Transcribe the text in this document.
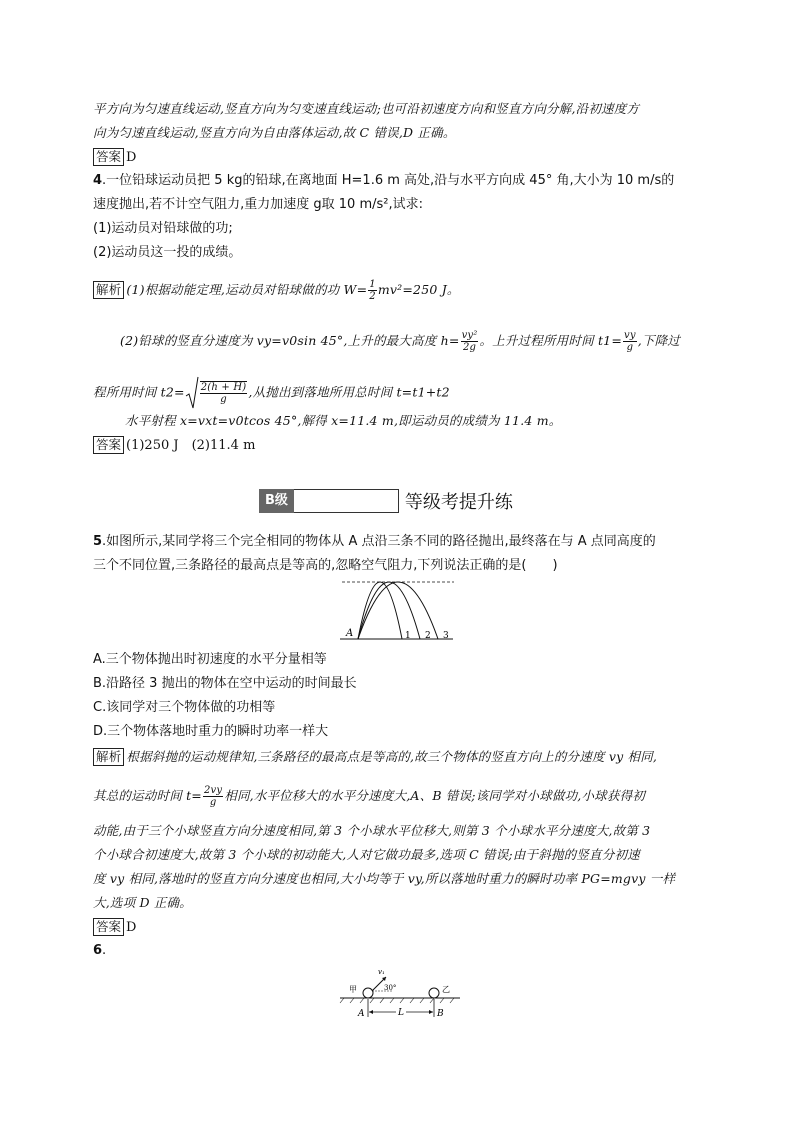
平方向为匀速直线运动,竖直方向为匀变速直线运动;也可沿初速度方向和竖直方向分解,沿初速度方
向为匀速直线运动,竖直方向为自由落体运动,故 C 错误,D 正确。
答案 D
4.一位铅球运动员把 5 kg的铅球,在离地面 H=1.6 m 高处,沿与水平方向成 45° 角,大小为 10 m/s的
速度抛出,若不计空气阻力,重力加速度 g取 10 m/s²,试求:
(1)运动员对铅球做的功;
(2)运动员这一投的成绩。
解析 (1)根据动能定理,运动员对铅球做的功 $W= \frac{1}{2} mv^2=250$ J。
(2)铅球的竖直分速度为 vy=v0sin 45°,上升的最大高度 $h= \frac{\text{vy²}}{2g}$ 。上升过程所用时间 $t1= \frac{vy}{g}$ ,下降过
程所用时间 $t2= \frac{2(h + H)}{g}$ ,从抛出到落地所用总时间 t=t1+t2
水平射程 x=vxt=v0tcos 45°,解得 x=11.4 m,即运动员的成绩为 11.4 m。
答案 (1)250 J　(2)11.4 m
B级	等级考提升练
5.如图所示,某同学将三个完全相同的物体从 A 点沿三条不同的路径抛出,最终落在与 A 点同高度的
三个不同位置,三条路径的最高点是等高的,忽略空气阻力,下列说法正确的是(　　)
A	1 2 3
A.三个物体抛出时初速度的水平分量相等
B.沿路径 3 抛出的物体在空中运动的时间最长
C.该同学对三个物体做的功相等
D.三个物体落地时重力的瞬时功率一样大
解析 根据斜抛的运动规律知,三条路径的最高点是等高的,故三个物体的竖直方向上的分速度 vy 相同,
其总的运动时间 $t= \frac{2vy}{g}$ 相同,水平位移大的水平分速度大,A、B 错误;该同学对小球做功,小球获得初
动能,由于三个小球竖直方向分速度相同,第 3 个小球水平位移大,则第 3 个小球水平分速度大,故第 3
个小球合初速度大,故第 3 个小球的初动能大,人对它做功最多,选项 C 错误;由于斜抛的竖直分初速
度 vy 相同,落地时的竖直方向分速度也相同,大小均等于 vy,所以落地时重力的瞬时功率 PG=mgvy 一样
大,选项 D 正确。
答案 D
6.
甲	乙
v₁
30°
L
A	B
